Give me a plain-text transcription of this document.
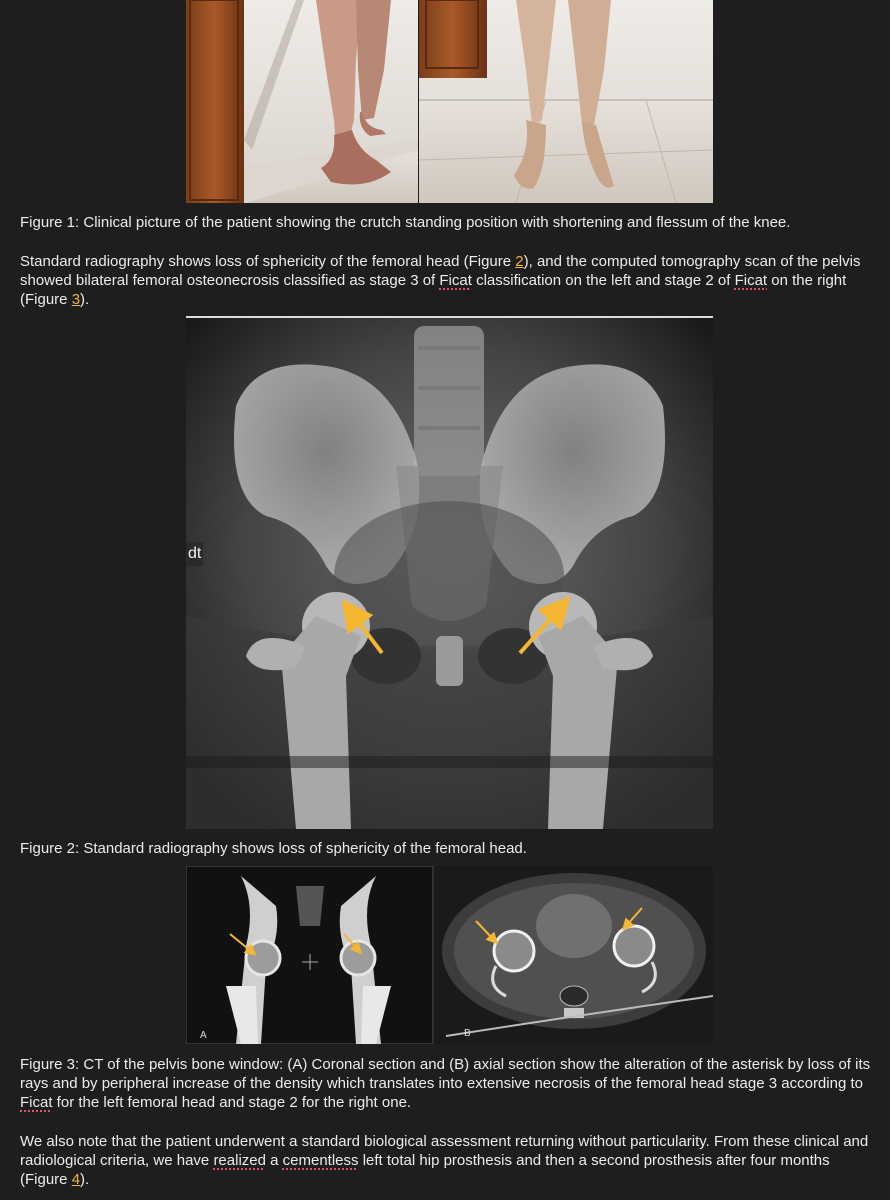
Figure 1: Clinical picture of the patient showing the crutch standing position with shortening and flessum of the knee.

Standard radiography shows loss of sphericity of the femoral head (Figure 2), and the computed tomography scan of the pelvis showed bilateral femoral osteonecrosis classified as stage 3 of Ficat classification on the left and stage 2 of Ficat on the right (Figure 3).

dt

Figure 2: Standard radiography shows loss of sphericity of the femoral head.

A	B

Figure 3: CT of the pelvis bone window: (A) Coronal section and (B) axial section show the alteration of the asterisk by loss of its rays and by peripheral increase of the density which translates into extensive necrosis of the femoral head stage 3 according to Ficat for the left femoral head and stage 2 for the right one.

We also note that the patient underwent a standard biological assessment returning without particularity. From these clinical and radiological criteria, we have realized a cementless left total hip prosthesis and then a second prosthesis after four months (Figure 4).
